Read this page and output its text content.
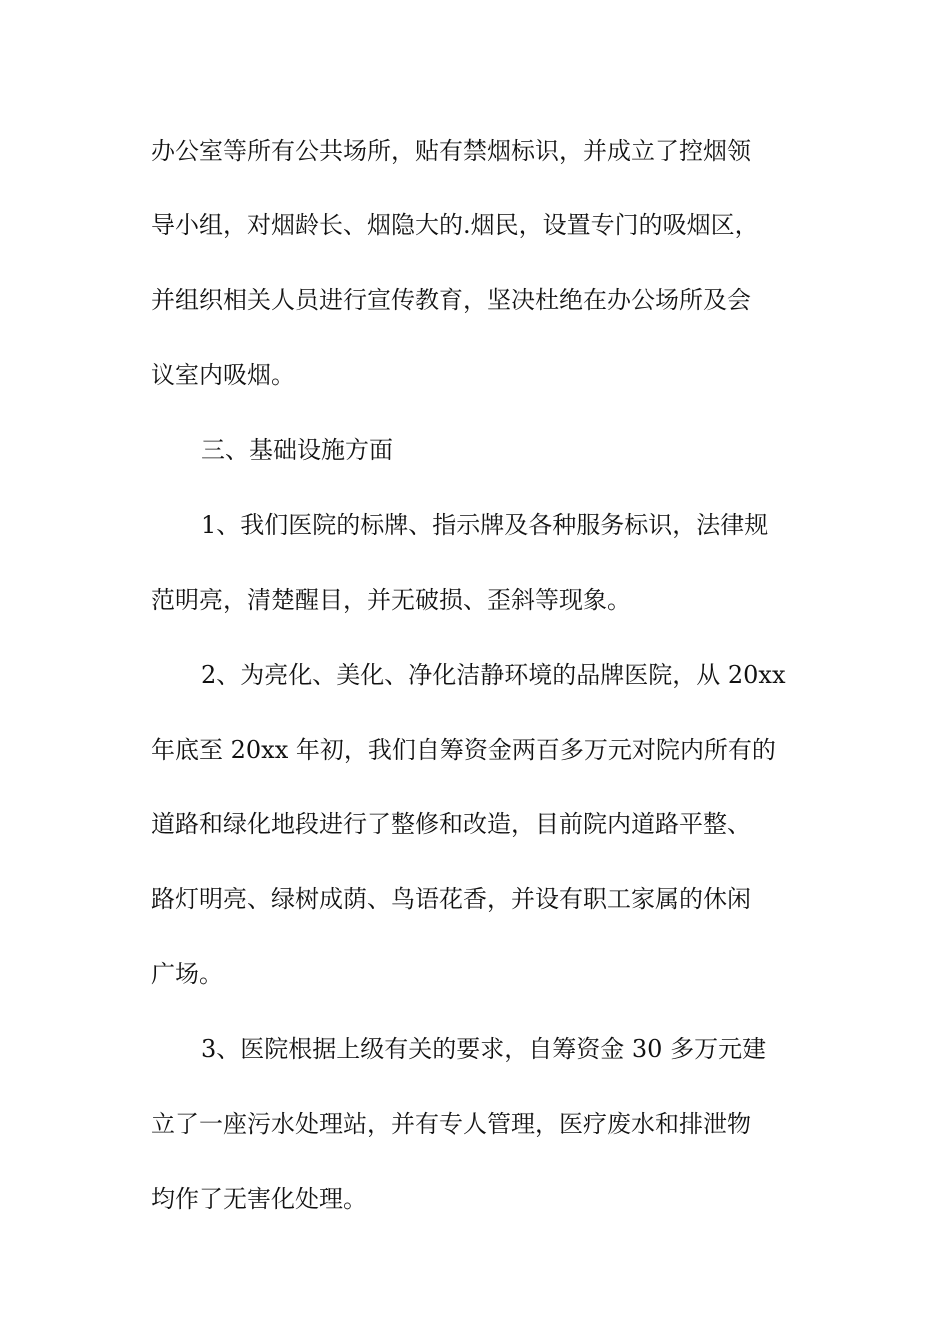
办公室等所有公共场所，贴有禁烟标识，并成立了控烟领
导小组，对烟龄长、烟隐大的.烟民，设置专门的吸烟区，
并组织相关人员进行宣传教育，坚决杜绝在办公场所及会
议室内吸烟。
三、基础设施方面
1、我们医院的标牌、指示牌及各种服务标识，法律规
范明亮，清楚醒目，并无破损、歪斜等现象。
2、为亮化、美化、净化洁静环境的品牌医院，从 20xx
年底至 20xx 年初，我们自筹资金两百多万元对院内所有的
道路和绿化地段进行了整修和改造，目前院内道路平整、
路灯明亮、绿树成荫、鸟语花香，并设有职工家属的休闲
广场。
3、医院根据上级有关的要求，自筹资金 30 多万元建
立了一座污水处理站，并有专人管理，医疗废水和排泄物
均作了无害化处理。
